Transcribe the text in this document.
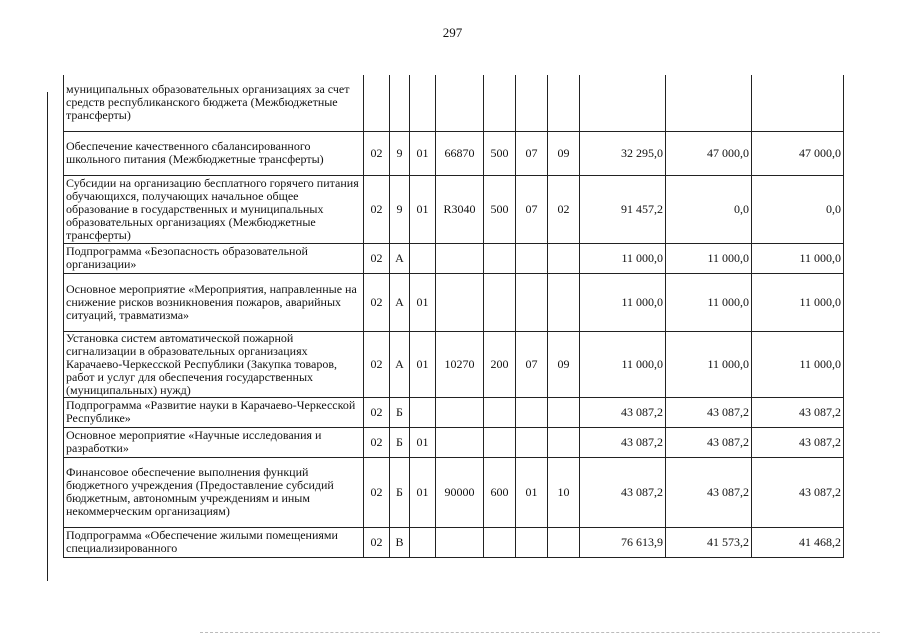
297
муниципальных образовательных организациях за счет средств республиканского бюджета (Межбюджетные трансферты)										
Обеспечение качественного сбалансированного школьного питания (Межбюджетные трансферты)	02	9	01	66870	500	07	09	32 295,0	47 000,0	47 000,0
Субсидии на организацию бесплатного горячего питания обучающихся, получающих начальное общее образование в государственных и муниципальных образовательных организациях (Межбюджетные трансферты)	02	9	01	R3040	500	07	02	91 457,2	0,0	0,0
Подпрограмма «Безопасность образовательной организации»	02	А						11 000,0	11 000,0	11 000,0
Основное мероприятие «Мероприятия, направленные на снижение рисков возникновения пожаров, аварийных ситуаций, травматизма»	02	А	01					11 000,0	11 000,0	11 000,0
Установка систем автоматической пожарной сигнализации в образовательных организациях Карачаево-Черкесской Республики (Закупка товаров, работ и услуг для обеспечения государственных (муниципальных) нужд)	02	А	01	10270	200	07	09	11 000,0	11 000,0	11 000,0
Подпрограмма «Развитие науки в Карачаево-Черкесской Республике»	02	Б						43 087,2	43 087,2	43 087,2
Основное мероприятие «Научные исследования и разработки»	02	Б	01					43 087,2	43 087,2	43 087,2
Финансовое обеспечение выполнения функций бюджетного учреждения (Предоставление субсидий бюджетным, автономным учреждениям и иным некоммерческим организациям)	02	Б	01	90000	600	01	10	43 087,2	43 087,2	43 087,2
Подпрограмма «Обеспечение жилыми помещениями специализированного	02	В						76 613,9	41 573,2	41 468,2
